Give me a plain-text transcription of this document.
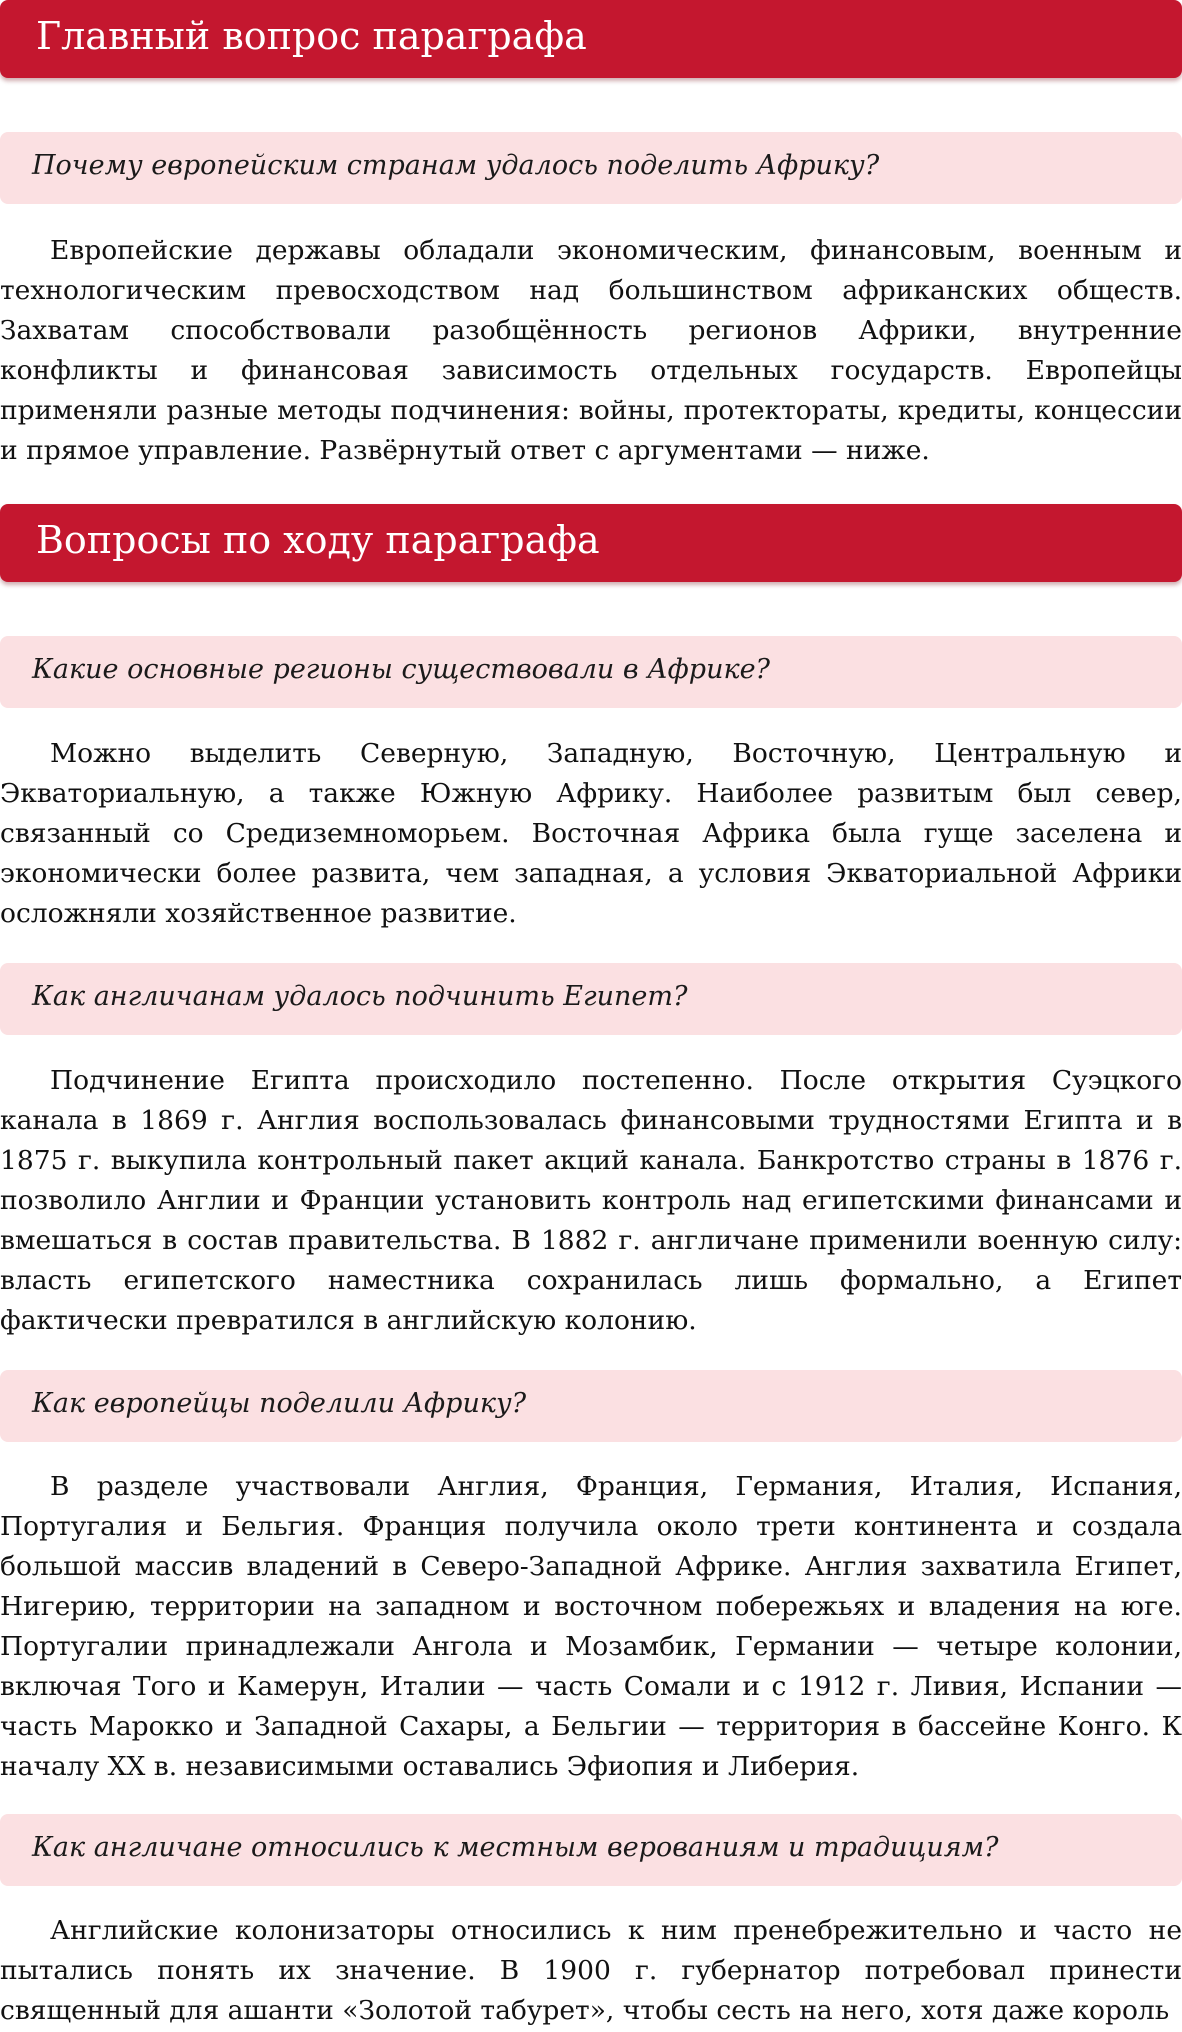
Главный вопрос параграфа
Почему европейским странам удалось поделить Африку?

Европейские державы обладали экономическим, финансовым, военным и технологическим превосходством над большинством африканских обществ. Захватам способствовали разобщённость регионов Африки, внутренние конфликты и финансовая зависимость отдельных государств. Европейцы применяли разные методы подчинения: войны, протектораты, кредиты, концессии и прямое управление. Развёрнутый ответ с аргументами — ниже.

Вопросы по ходу параграфа
Какие основные регионы существовали в Африке?

Можно выделить Северную, Западную, Восточную, Центральную и Экваториальную, а также Южную Африку. Наиболее развитым был север, связанный со Средиземноморьем. Восточная Африка была гуще заселена и экономически более развита, чем западная, а условия Экваториальной Африки осложняли хозяйственное развитие.

Как англичанам удалось подчинить Египет?

Подчинение Египта происходило постепенно. После открытия Суэцкого канала в 1869 г. Англия воспользовалась финансовыми трудностями Египта и в 1875 г. выкупила контрольный пакет акций канала. Банкротство страны в 1876 г. позволило Англии и Франции установить контроль над египетскими финансами и вмешаться в состав правительства. В 1882 г. англичане применили военную силу: власть египетского наместника сохранилась лишь формально, а Египет фактически превратился в английскую колонию.

Как европейцы поделили Африку?

В разделе участвовали Англия, Франция, Германия, Италия, Испания, Португалия и Бельгия. Франция получила около трети континента и создала большой массив владений в Северо-Западной Африке. Англия захватила Египет, Нигерию, территории на западном и восточном побережьях и владения на юге. Португалии принадлежали Ангола и Мозамбик, Германии — четыре колонии, включая Того и Камерун, Италии — часть Сомали и с 1912 г. Ливия, Испании — часть Марокко и Западной Сахары, а Бельгии — территория в бассейне Конго. К началу XX в. независимыми оставались Эфиопия и Либерия.

Как англичане относились к местным верованиям и традициям?

Английские колонизаторы относились к ним пренебрежительно и часто не пытались понять их значение. В 1900 г. губернатор потребовал принести священный для ашанти «Золотой табурет», чтобы сесть на него, хотя даже король
